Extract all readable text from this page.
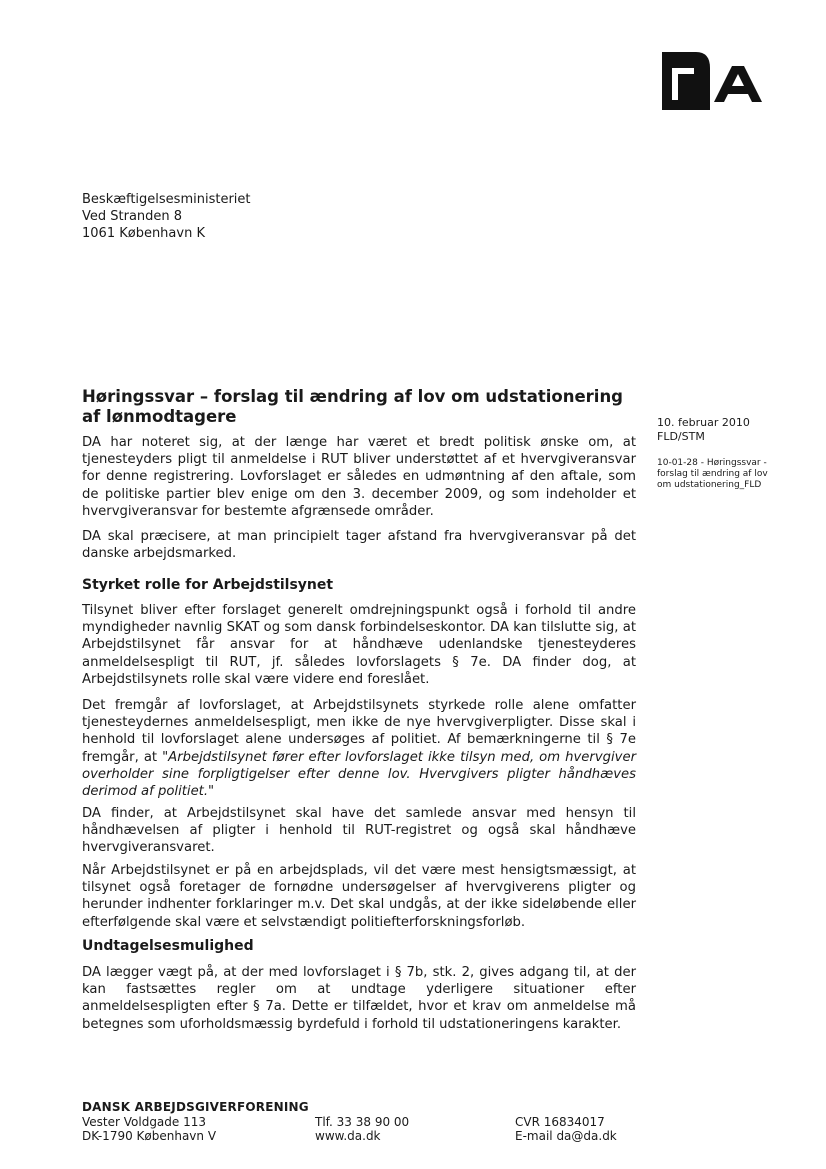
Beskæftigelsesministeriet
Ved Stranden 8
1061 København K
Høringssvar – forslag til ændring af lov om udstationering af lønmodtagere	10. februar 2010
FLD/STM
10-01-28 - Høringssvar -
forslag til ændring af lov
om udstationering_FLD
DA har noteret sig, at der længe har været et bredt politisk ønske om, at tjenesteyders pligt til anmeldelse i RUT bliver understøttet af et hvervgiveransvar for denne registrering. Lovforslaget er således en udmøntning af den aftale, som de politiske partier blev enige om den 3. december 2009, og som indeholder et hvervgiveransvar for bestemte afgrænsede områder.
DA skal præcisere, at man principielt tager afstand fra hvervgiveransvar på det danske arbejdsmarked.
Styrket rolle for Arbejdstilsynet
Tilsynet bliver efter forslaget generelt omdrejningspunkt også i forhold til andre myndigheder navnlig SKAT og som dansk forbindelseskontor. DA kan tilslutte sig, at Arbejdstilsynet får ansvar for at håndhæve udenlandske tjenesteyderes anmeldelsespligt til RUT, jf. således lovforslagets § 7e. DA finder dog, at Arbejdstilsynets rolle skal være videre end foreslået.
Det fremgår af lovforslaget, at Arbejdstilsynets styrkede rolle alene omfatter tjenesteydernes anmeldelsespligt, men ikke de nye hvervgiverpligter. Disse skal i henhold til lovforslaget alene undersøges af politiet. Af bemærkningerne til § 7e fremgår, at "Arbejdstilsynet fører efter lovforslaget ikke tilsyn med, om hvervgiver overholder sine forpligtigelser efter denne lov. Hvervgivers pligter håndhæves derimod af politiet."
DA finder, at Arbejdstilsynet skal have det samlede ansvar med hensyn til håndhævelsen af pligter i henhold til RUT-registret og også skal håndhæve hvervgiveransvaret.
Når Arbejdstilsynet er på en arbejdsplads, vil det være mest hensigtsmæssigt, at tilsynet også foretager de fornødne undersøgelser af hvervgiverens pligter og herunder indhenter forklaringer m.v. Det skal undgås, at der ikke sideløbende eller efterfølgende skal være et selvstændigt politiefterforskningsforløb.
Undtagelsesmulighed
DA lægger vægt på, at der med lovforslaget i § 7b, stk. 2, gives adgang til, at der kan fastsættes regler om at undtage yderligere situationer efter anmeldelsespligten efter § 7a. Dette er tilfældet, hvor et krav om anmeldelse må betegnes som uforholdsmæssig byrdefuld i forhold til udstationeringens karakter.
DANSK ARBEJDSGIVERFORENING
Vester Voldgade 113
DK-1790 København V
Tlf. 33 38 90 00
www.da.dk
CVR 16834017
E-mail da@da.dk
